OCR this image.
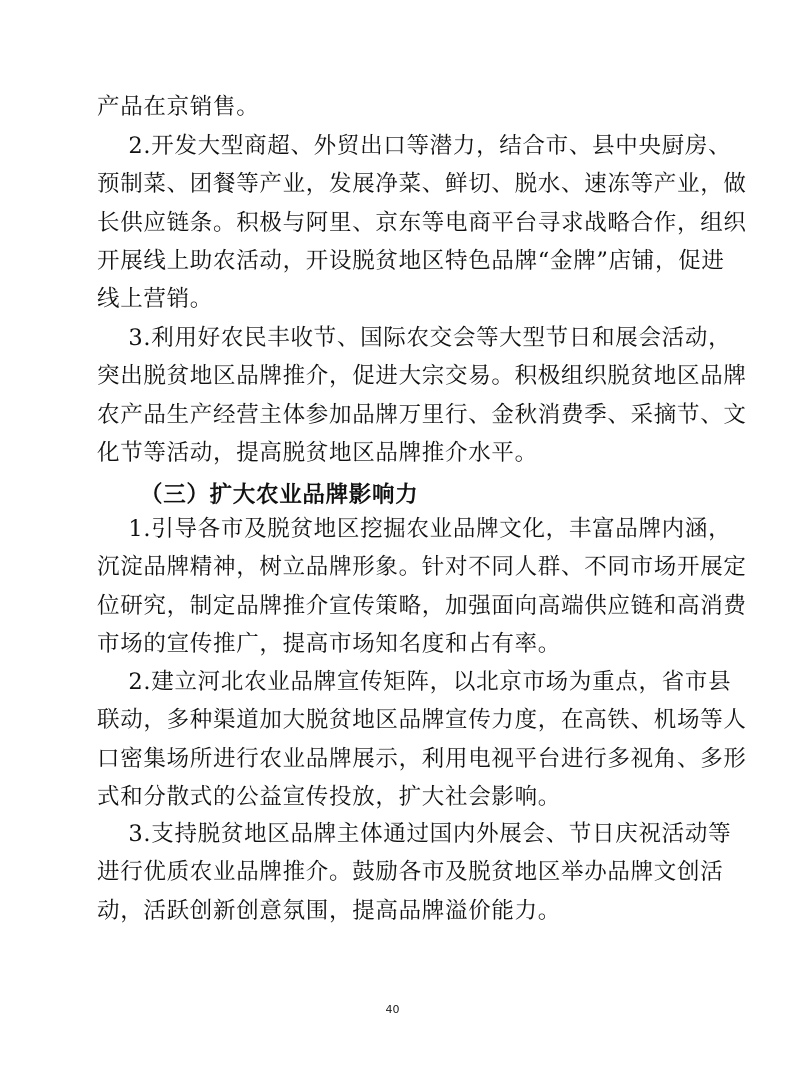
产品在京销售。
2.开发大型商超、外贸出口等潜力，结合市、县中央厨房、
预制菜、团餐等产业，发展净菜、鲜切、脱水、速冻等产业，做
长供应链条。积极与阿里、京东等电商平台寻求战略合作，组织
开展线上助农活动，开设脱贫地区特色品牌“金牌”店铺，促进
线上营销。
3.利用好农民丰收节、国际农交会等大型节日和展会活动，
突出脱贫地区品牌推介，促进大宗交易。积极组织脱贫地区品牌
农产品生产经营主体参加品牌万里行、金秋消费季、采摘节、文
化节等活动，提高脱贫地区品牌推介水平。
（三）扩大农业品牌影响力
1.引导各市及脱贫地区挖掘农业品牌文化，丰富品牌内涵，
沉淀品牌精神，树立品牌形象。针对不同人群、不同市场开展定
位研究，制定品牌推介宣传策略，加强面向高端供应链和高消费
市场的宣传推广，提高市场知名度和占有率。
2.建立河北农业品牌宣传矩阵，以北京市场为重点，省市县
联动，多种渠道加大脱贫地区品牌宣传力度，在高铁、机场等人
口密集场所进行农业品牌展示，利用电视平台进行多视角、多形
式和分散式的公益宣传投放，扩大社会影响。
3.支持脱贫地区品牌主体通过国内外展会、节日庆祝活动等
进行优质农业品牌推介。鼓励各市及脱贫地区举办品牌文创活
动，活跃创新创意氛围，提高品牌溢价能力。
40
